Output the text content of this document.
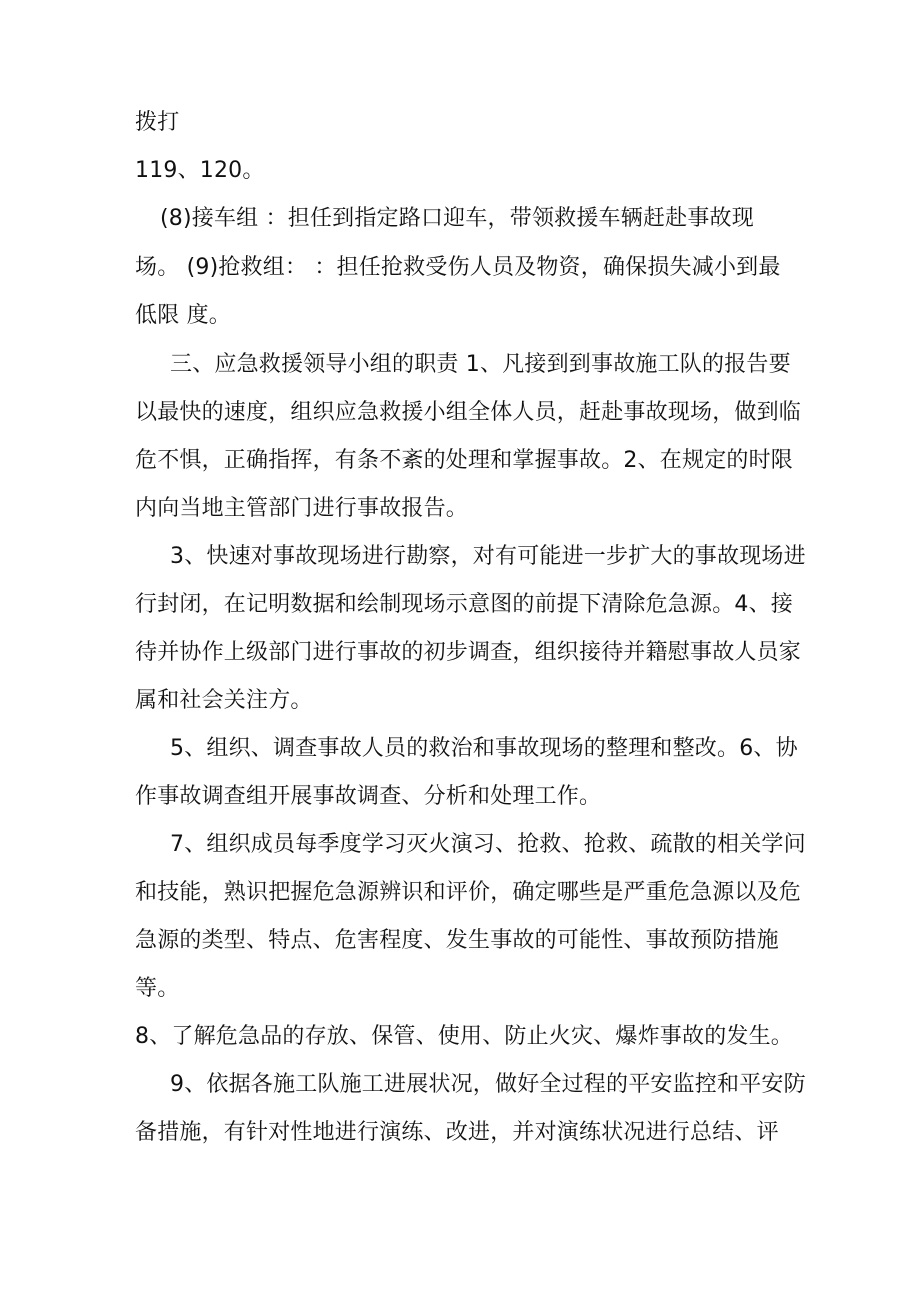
拨打
119、120。
(8)接车组 ：担任到指定路口迎车，带领救援车辆赶赴事故现
场。 (9)抢救组： ：担任抢救受伤人员及物资，确保损失减小到最
低限 度。
三、应急救援领导小组的职责 1、凡接到到事故施工队的报告要
以最快的速度，组织应急救援小组全体人员，赶赴事故现场，做到临
危不惧，正确指挥，有条不紊的处理和掌握事故。2、在规定的时限
内向当地主管部门进行事故报告。
3、快速对事故现场进行勘察，对有可能进一步扩大的事故现场进
行封闭，在记明数据和绘制现场示意图的前提下清除危急源。4、接
待并协作上级部门进行事故的初步调查，组织接待并籍慰事故人员家
属和社会关注方。
5、组织、调查事故人员的救治和事故现场的整理和整改。6、协
作事故调查组开展事故调查、分析和处理工作。
7、组织成员每季度学习灭火演习、抢救、抢救、疏散的相关学问
和技能，熟识把握危急源辨识和评价，确定哪些是严重危急源以及危
急源的类型、特点、危害程度、发生事故的可能性、事故预防措施
等。
8、了解危急品的存放、保管、使用、防止火灾、爆炸事故的发生。
9、依据各施工队施工进展状况，做好全过程的平安监控和平安防
备措施，有针对性地进行演练、改进，并对演练状况进行总结、评
